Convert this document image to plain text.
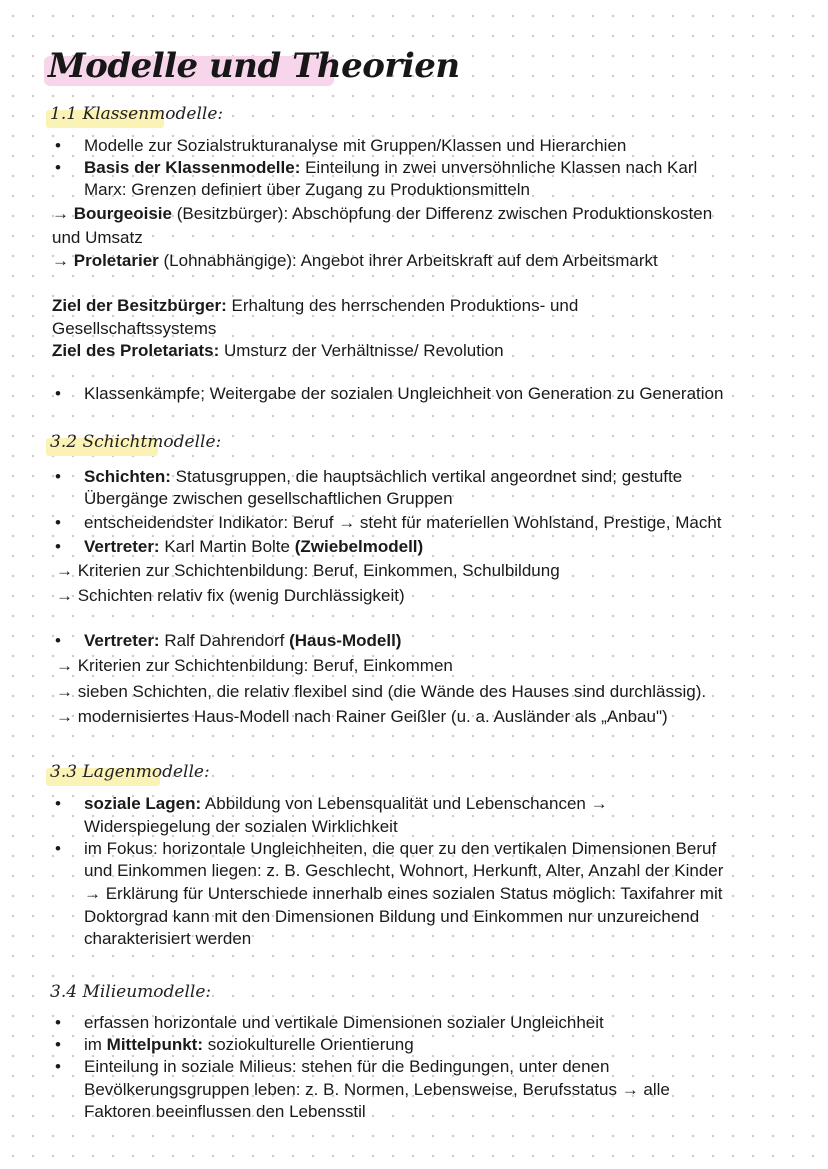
Modelle und Theorien
1.1 Klassenmodelle:
• Modelle zur Sozialstrukturanalyse mit Gruppen/Klassen und Hierarchien
• Basis der Klassenmodelle: Einteilung in zwei unversöhnliche Klassen nach Karl
Marx: Grenzen definiert über Zugang zu Produktionsmitteln
→ Bourgeoisie (Besitzbürger): Abschöpfung der Differenz zwischen Produktionskosten
und Umsatz
→ Proletarier (Lohnabhängige): Angebot ihrer Arbeitskraft auf dem Arbeitsmarkt
Ziel der Besitzbürger: Erhaltung des herrschenden Produktions- und
Gesellschaftssystems
Ziel des Proletariats: Umsturz der Verhältnisse/ Revolution
• Klassenkämpfe; Weitergabe der sozialen Ungleichheit von Generation zu Generation
3.2 Schichtmodelle:
• Schichten: Statusgruppen, die hauptsächlich vertikal angeordnet sind; gestufte
Übergänge zwischen gesellschaftlichen Gruppen
• entscheidendster Indikator: Beruf → steht für materiellen Wohlstand, Prestige, Macht
• Vertreter: Karl Martin Bolte (Zwiebelmodell)
→ Kriterien zur Schichtenbildung: Beruf, Einkommen, Schulbildung
→ Schichten relativ fix (wenig Durchlässigkeit)
• Vertreter: Ralf Dahrendorf (Haus-Modell)
→ Kriterien zur Schichtenbildung: Beruf, Einkommen
→ sieben Schichten, die relativ flexibel sind (die Wände des Hauses sind durchlässig).
→ modernisiertes Haus-Modell nach Rainer Geißler (u. a. Ausländer als „Anbau")
3.3 Lagenmodelle:
• soziale Lagen: Abbildung von Lebensqualität und Lebenschancen →
Widerspiegelung der sozialen Wirklichkeit
• im Fokus: horizontale Ungleichheiten, die quer zu den vertikalen Dimensionen Beruf
und Einkommen liegen: z. B. Geschlecht, Wohnort, Herkunft, Alter, Anzahl der Kinder
→ Erklärung für Unterschiede innerhalb eines sozialen Status möglich: Taxifahrer mit
Doktorgrad kann mit den Dimensionen Bildung und Einkommen nur unzureichend
charakterisiert werden
3.4 Milieumodelle:
• erfassen horizontale und vertikale Dimensionen sozialer Ungleichheit
• im Mittelpunkt: soziokulturelle Orientierung
• Einteilung in soziale Milieus: stehen für die Bedingungen, unter denen
Bevölkerungsgruppen leben: z. B. Normen, Lebensweise, Berufsstatus → alle
Faktoren beeinflussen den Lebensstil
